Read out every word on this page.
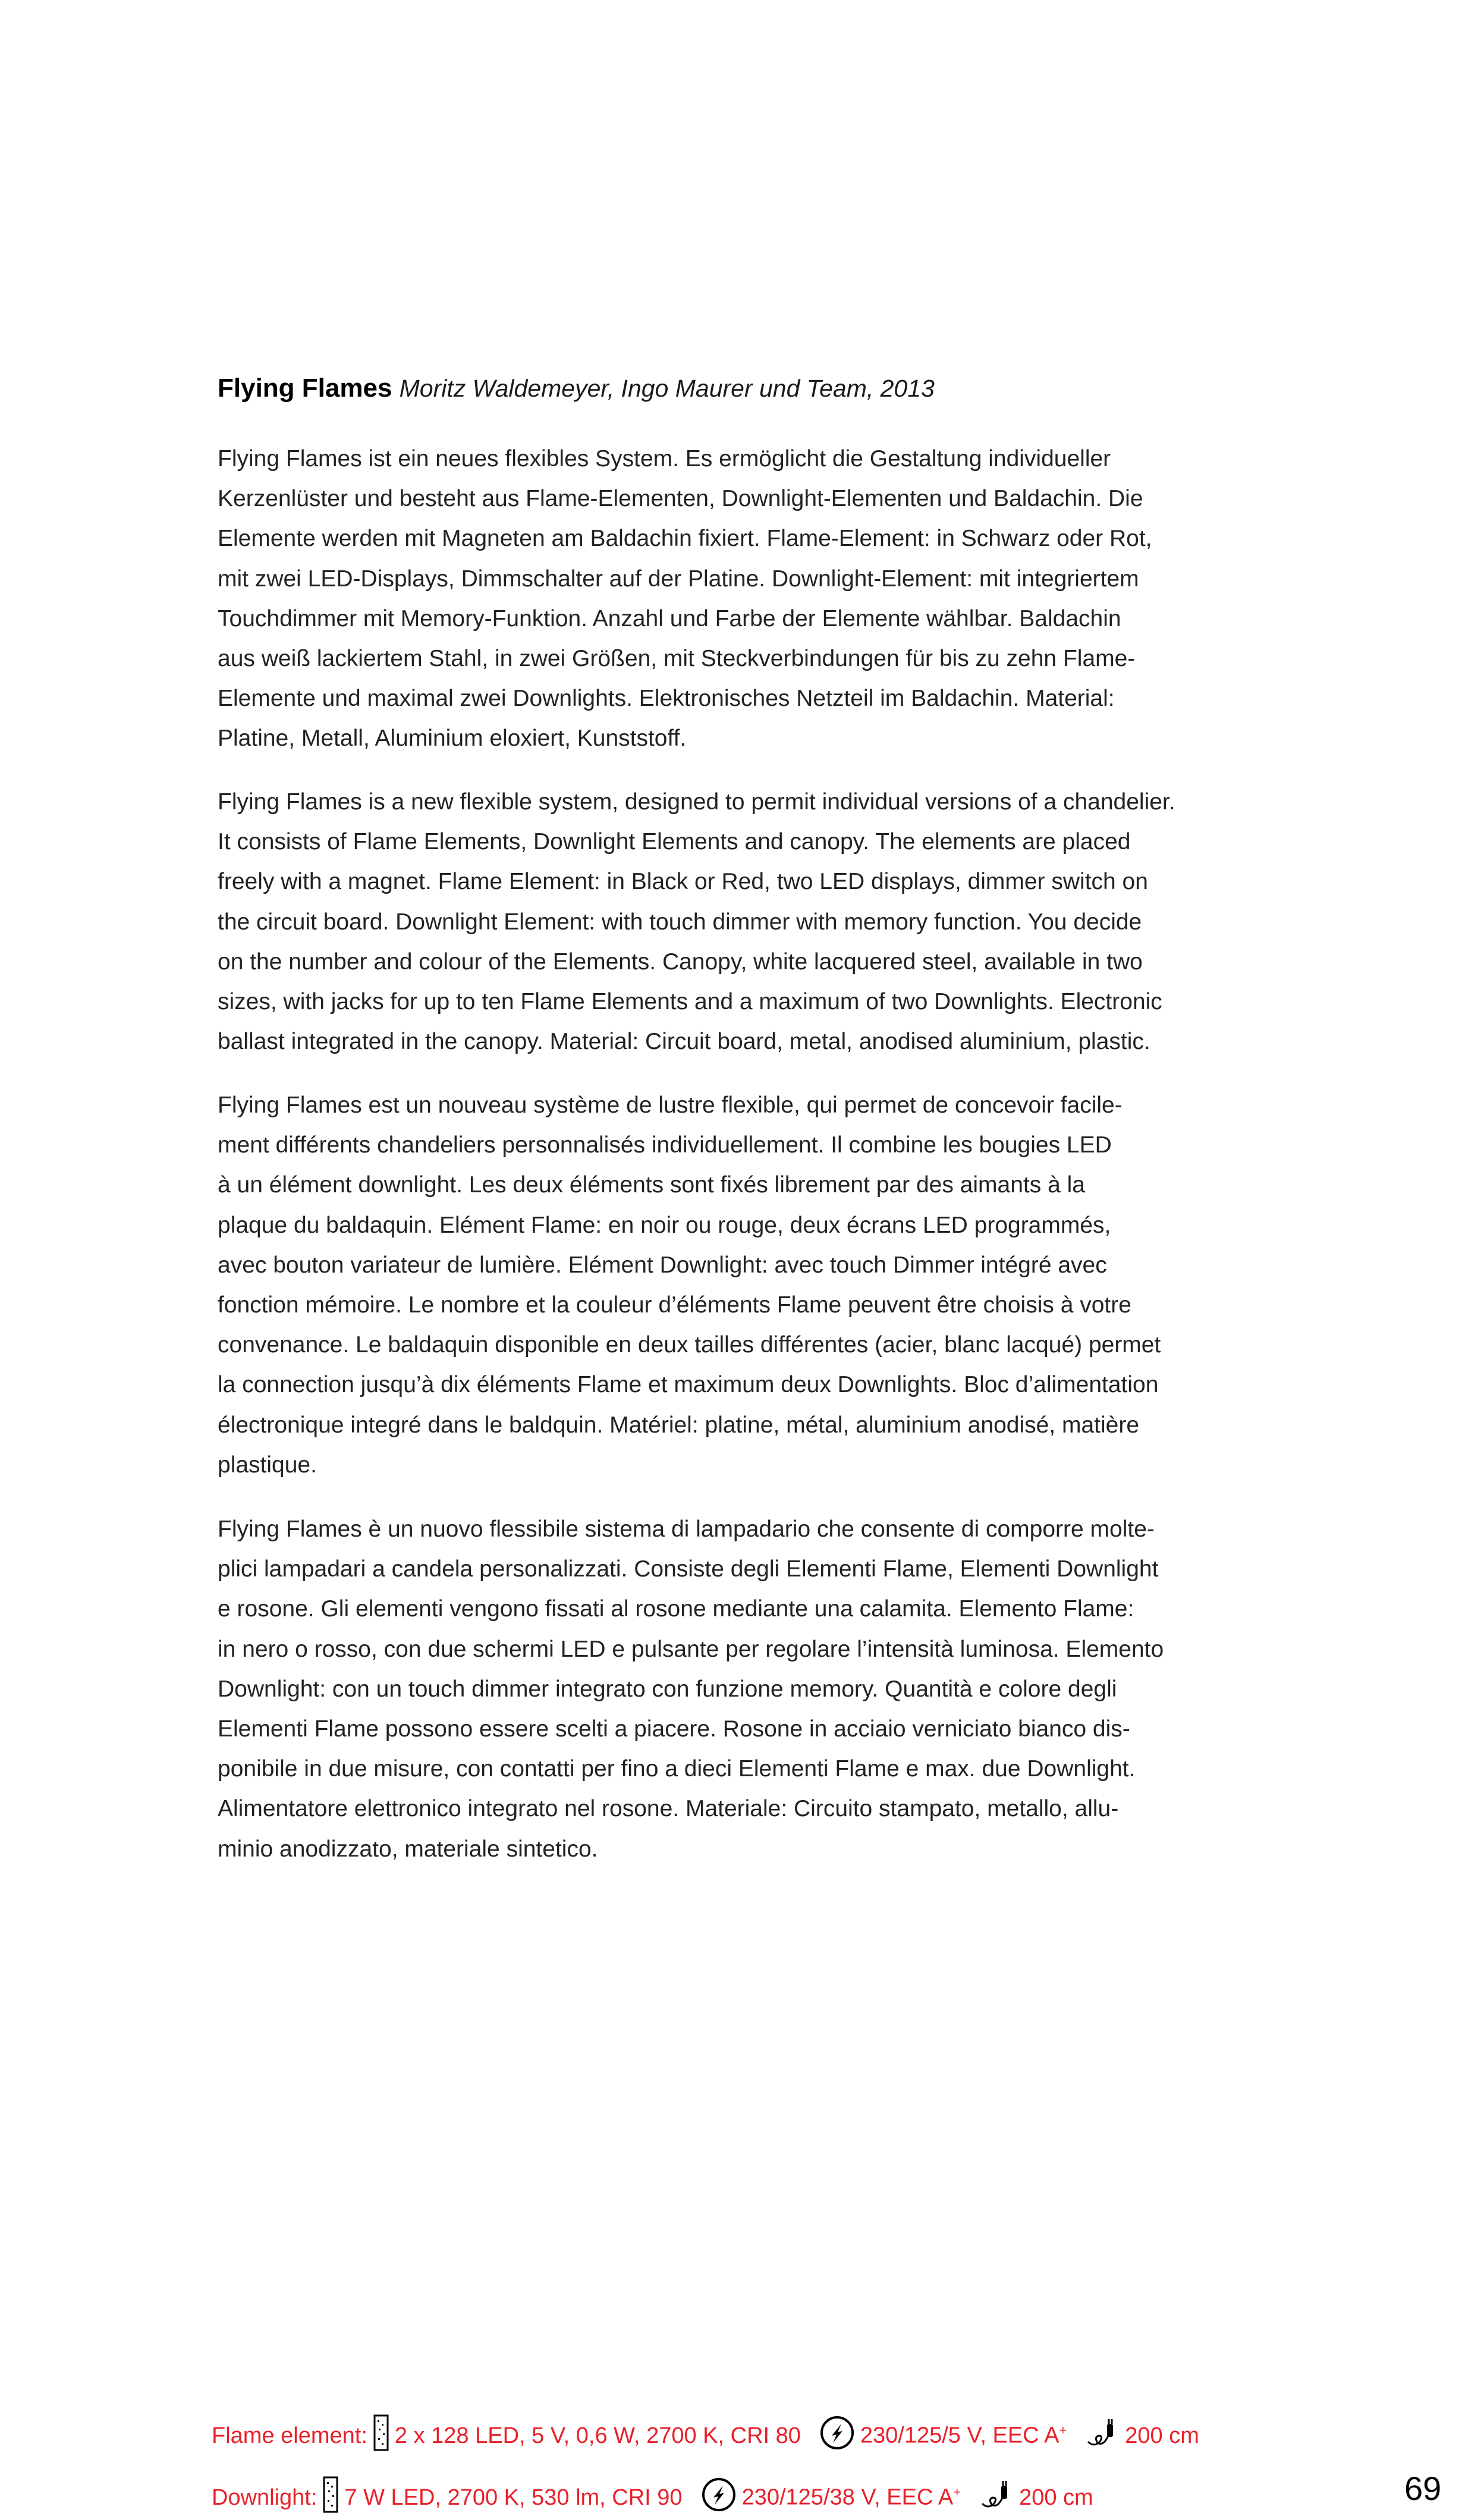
Flying Flames Moritz Waldemeyer, Ingo Maurer und Team, 2013
Flying Flames ist ein neues flexibles System. Es ermöglicht die Gestaltung individueller
Kerzenlüster und besteht aus Flame-Elementen, Downlight-Elementen und Baldachin. Die
Elemente werden mit Magneten am Baldachin fixiert. Flame-Element: in Schwarz oder Rot,
mit zwei LED-Displays, Dimmschalter auf der Platine. Downlight-Element: mit integriertem
Touchdimmer mit Memory-Funktion. Anzahl und Farbe der Elemente wählbar. Baldachin
aus weiß lackiertem Stahl, in zwei Größen, mit Steckverbindungen für bis zu zehn Flame-
Elemente und maximal zwei Downlights. Elektronisches Netzteil im Baldachin. Material:
Platine, Metall, Aluminium eloxiert, Kunststoff.
Flying Flames is a new flexible system, designed to permit individual versions of a chandelier.
It consists of Flame Elements, Downlight Elements and canopy. The elements are placed
freely with a magnet. Flame Element: in Black or Red, two LED displays, dimmer switch on
the circuit board. Downlight Element: with touch dimmer with memory function. You decide
on the number and colour of the Elements. Canopy, white lacquered steel, available in two
sizes, with jacks for up to ten Flame Elements and a maximum of two Downlights. Electronic
ballast integrated in the canopy. Material: Circuit board, metal, anodised aluminium, plastic.
Flying Flames est un nouveau système de lustre flexible, qui permet de concevoir facile-
ment différents chandeliers personnalisés individuellement. Il combine les bougies LED
à un élément downlight. Les deux éléments sont fixés librement par des aimants à la
plaque du baldaquin. Elément Flame: en noir ou rouge, deux écrans LED programmés,
avec bouton variateur de lumière. Elément Downlight: avec touch Dimmer intégré avec
fonction mémoire. Le nombre et la couleur d’éléments Flame peuvent être choisis à votre
convenance. Le baldaquin disponible en deux tailles différentes (acier, blanc lacqué) permet
la connection jusqu’à dix éléments Flame et maximum deux Downlights. Bloc d’alimentation
électronique integré dans le baldquin. Matériel: platine, métal, aluminium anodisé, matière
plastique.
Flying Flames è un nuovo flessibile sistema di lampadario che consente di comporre molte-
plici lampadari a candela personalizzati. Consiste degli Elementi Flame, Elementi Downlight
e rosone. Gli elementi vengono fissati al rosone mediante una calamita. Elemento Flame:
in nero o rosso, con due schermi LED e pulsante per regolare l’intensità luminosa. Elemento
Downlight: con un touch dimmer integrato con funzione memory. Quantità e colore degli
Elementi Flame possono essere scelti a piacere. Rosone in acciaio verniciato bianco dis-
ponibile in due misure, con contatti per fino a dieci Elementi Flame e max. due Downlight.
Alimentatore elettronico integrato nel rosone. Materiale: Circuito stampato, metallo, allu-
minio anodizzato, materiale sintetico.
Flame element: 2 x 128 LED, 5 V, 0,6 W, 2700 K, CRI 80	230/125/5 V, EEC A+	200 cm
Downlight: 7 W LED, 2700 K, 530 lm, CRI 90	230/125/38 V, EEC A+	200 cm	69
